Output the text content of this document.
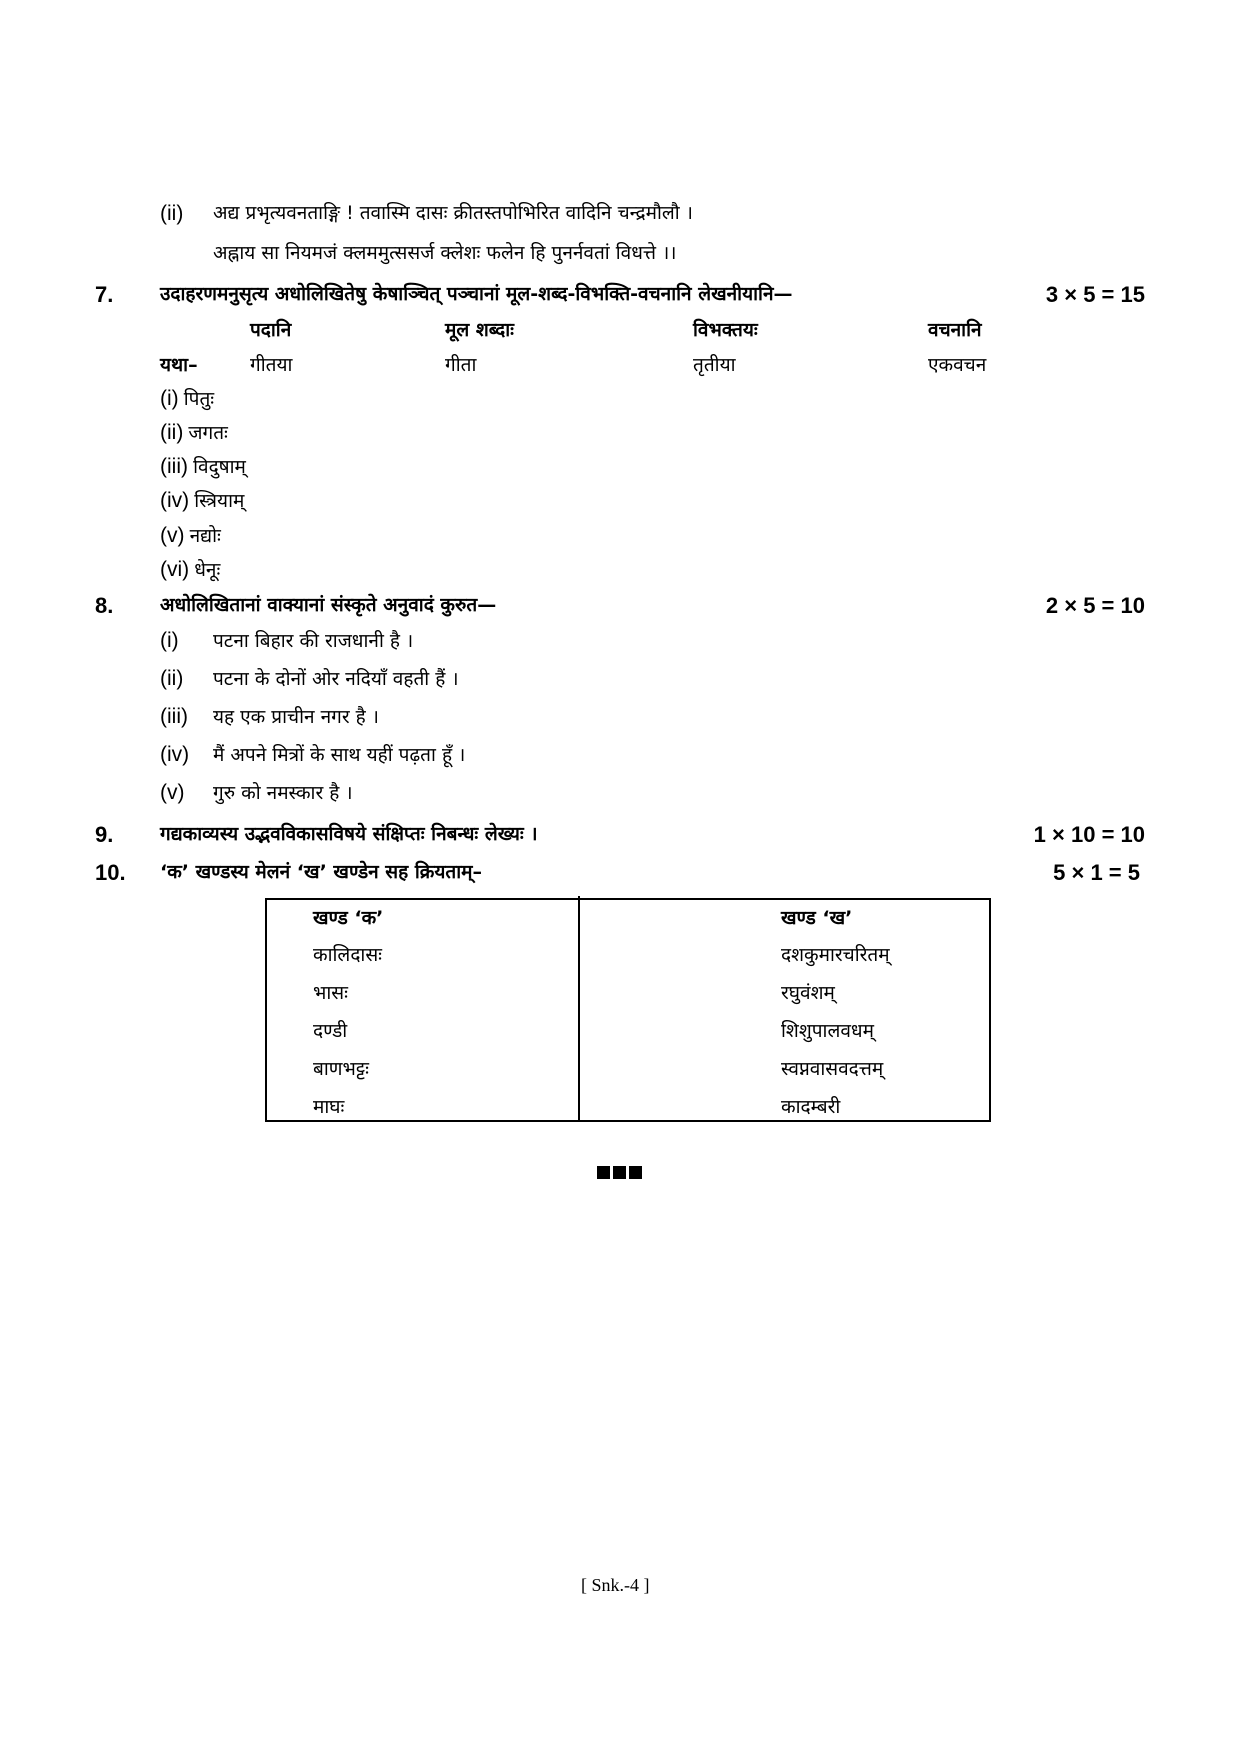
(ii) अद्य प्रभृत्यवनताङ्गि ! तवास्मि दासः क्रीतस्तपोभिरित वादिनि चन्द्रमौलौ ।
अह्नाय सा नियमजं क्लममुत्ससर्ज क्लेशः फलेन हि पुनर्नवतां विधत्ते ।।
7. उदाहरणमनुसृत्य अधोलिखितेषु केषाञ्चित् पञ्चानां मूल-शब्द-विभक्ति-वचनानि लेखनीयानि—	3 × 5 = 15
पदानि	मूल शब्दाः	विभक्तयः	वचनानि
यथा–	गीतया	गीता	तृतीया	एकवचन
(i) पितुः
(ii) जगतः
(iii) विदुषाम्
(iv) स्त्रियाम्
(v) नद्योः
(vi) धेनूः
8. अधोलिखितानां वाक्यानां संस्कृते अनुवादं कुरुत—	2 × 5 = 10
(i) पटना बिहार की राजधानी है ।
(ii) पटना के दोनों ओर नदियाँ वहती हैं ।
(iii) यह एक प्राचीन नगर है ।
(iv) मैं अपने मित्रों के साथ यहीं पढ़ता हूँ ।
(v) गुरु को नमस्कार है ।
9. गद्यकाव्यस्य उद्भवविकासविषये संक्षिप्तः निबन्धः लेख्यः ।	1 × 10 = 10
10. ‘क’ खण्डस्य मेलनं ‘ख’ खण्डेन सह क्रियताम्–	5 × 1 = 5
खण्ड ‘क’	खण्ड ‘ख’
कालिदासः	दशकुमारचरितम्
भासः	रघुवंशम्
दण्डी	शिशुपालवधम्
बाणभट्टः	स्वप्नवासवदत्तम्
माघः	कादम्बरी
[ Snk.-4 ]
